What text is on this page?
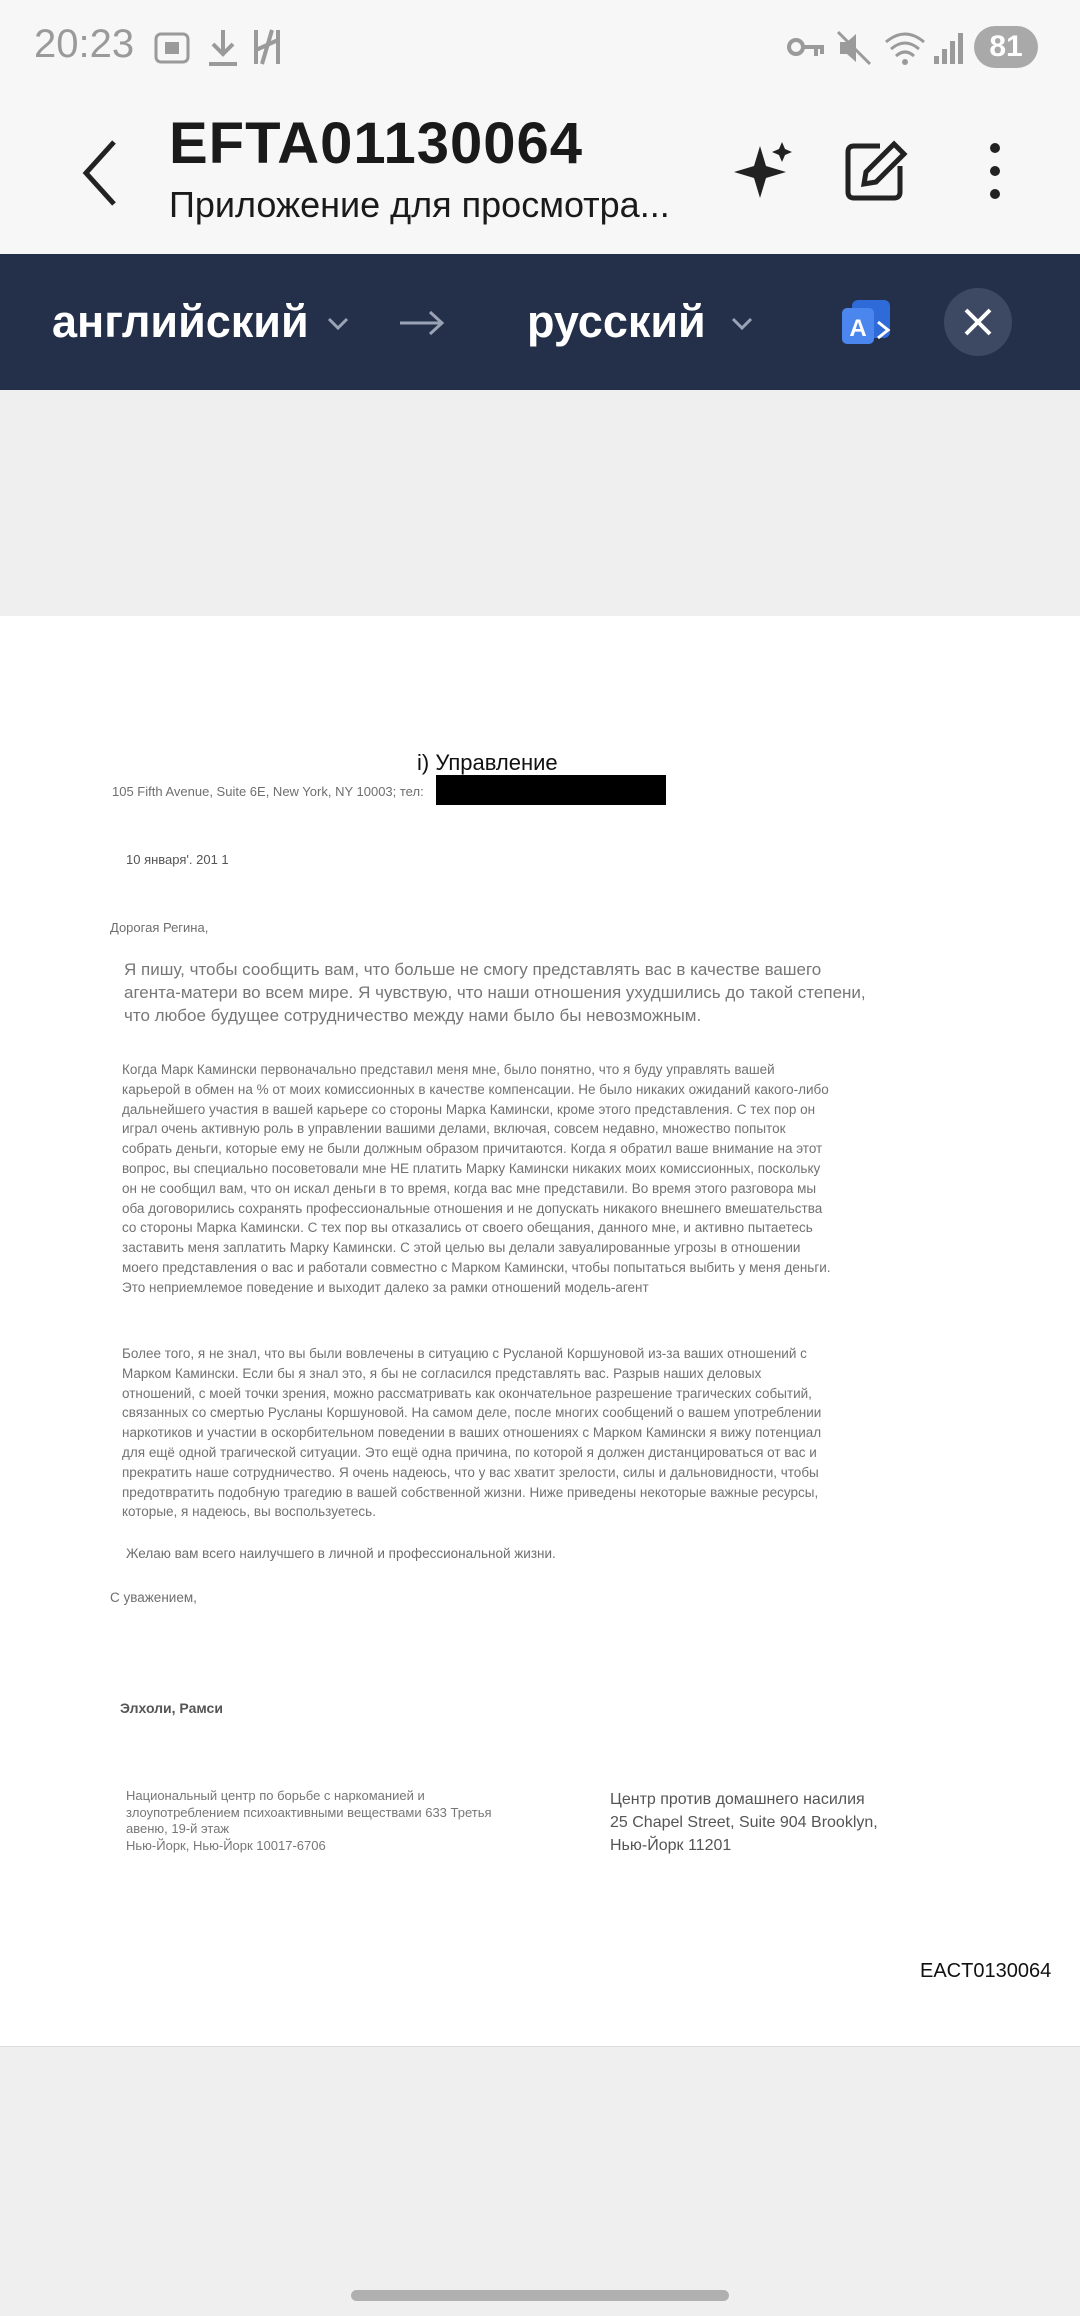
20:23	81
EFTA01130064
Приложение для просмотра...
английский	русский	A
i) Управление
105 Fifth Avenue, Suite 6E, New York, NY 10003; тел:
10 января'. 201 1
Дорогая Регина,
Я пишу, чтобы сообщить вам, что больше не смогу представлять вас в качестве вашего
агента-матери во всем мире. Я чувствую, что наши отношения ухудшились до такой степени,
что любое будущее сотрудничество между нами было бы невозможным.
Когда Марк Камински первоначально представил меня мне, было понятно, что я буду управлять вашей
карьерой в обмен на % от моих комиссионных в качестве компенсации. Не было никаких ожиданий какого-либо
дальнейшего участия в вашей карьере со стороны Марка Камински, кроме этого представления. С тех пор он
играл очень активную роль в управлении вашими делами, включая, совсем недавно, множество попыток
собрать деньги, которые ему не были должным образом причитаются. Когда я обратил ваше внимание на этот
вопрос, вы специально посоветовали мне НЕ платить Марку Камински никаких моих комиссионных, поскольку
он не сообщил вам, что он искал деньги в то время, когда вас мне представили. Во время этого разговора мы
оба договорились сохранять профессиональные отношения и не допускать никакого внешнего вмешательства
со стороны Марка Камински. С тех пор вы отказались от своего обещания, данного мне, и активно пытаетесь
заставить меня заплатить Марку Камински. С этой целью вы делали завуалированные угрозы в отношении
моего представления о вас и работали совместно с Марком Камински, чтобы попытаться выбить у меня деньги.
Это неприемлемое поведение и выходит далеко за рамки отношений модель-агент
Более того, я не знал, что вы были вовлечены в ситуацию с Русланой Коршуновой из-за ваших отношений с
Марком Камински. Если бы я знал это, я бы не согласился представлять вас. Разрыв наших деловых
отношений, с моей точки зрения, можно рассматривать как окончательное разрешение трагических событий,
связанных со смертью Русланы Коршуновой. На самом деле, после многих сообщений о вашем употреблении
наркотиков и участии в оскорбительном поведении в ваших отношениях с Марком Камински я вижу потенциал
для ещё одной трагической ситуации. Это ещё одна причина, по которой я должен дистанцироваться от вас и
прекратить наше сотрудничество. Я очень надеюсь, что у вас хватит зрелости, силы и дальновидности, чтобы
предотвратить подобную трагедию в вашей собственной жизни. Ниже приведены некоторые важные ресурсы,
которые, я надеюсь, вы воспользуетесь.
Желаю вам всего наилучшего в личной и профессиональной жизни.
С уважением,
Элхоли, Рамси
Национальный центр по борьбе с наркоманией и
злоупотреблением психоактивными веществами 633 Третья
авеню, 19-й этаж
Нью-Йорк, Нью-Йорк 10017-6706
Центр против домашнего насилия
25 Chapel Street, Suite 904 Brooklyn,
Нью-Йорк 11201
EACT0130064
